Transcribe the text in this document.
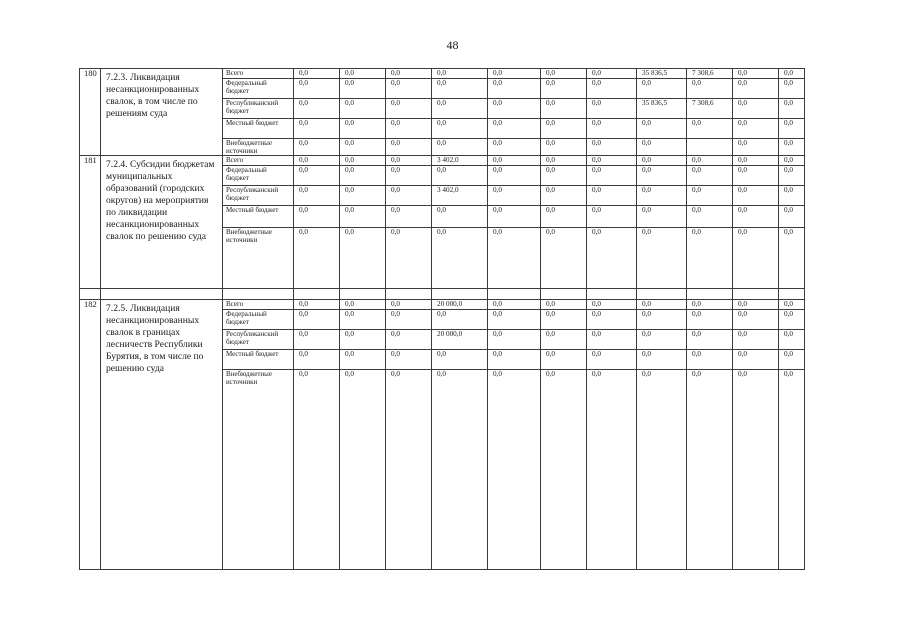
48
180	7.2.3. Ликвидация несанкционированных свалок, в том числе по решениям суда	Всего	0,0	0,0	0,0	0,0	0,0	0,0	0,0	35 836,5	7 308,6	0,0	0,0
		Федеральный бюджет	0,0	0,0	0,0	0,0	0,0	0,0	0,0	0,0	0,0	0,0	0,0
		Республиканский бюджет	0,0	0,0	0,0	0,0	0,0	0,0	0,0	35 836,5	7 308,6	0,0	0,0
		Местный бюджет	0,0	0,0	0,0	0,0	0,0	0,0	0,0	0,0	0,0	0,0	0,0
		Внебюджетные источники	0,0	0,0	0,0	0,0	0,0	0,0	0,0	0,0		0,0	0,0
181	7.2.4. Субсидии бюджетам муниципальных образований (городских округов) на мероприятия по ликвидации несанкционированных свалок по решению суда	Всего	0,0	0,0	0,0	3 402,0	0,0	0,0	0,0	0,0	0,0	0,0	0,0
		Федеральный бюджет	0,0	0,0	0,0	0,0	0,0	0,0	0,0	0,0	0,0	0,0	0,0
		Республиканский бюджет	0,0	0,0	0,0	3 402,0	0,0	0,0	0,0	0,0	0,0	0,0	0,0
		Местный бюджет	0,0	0,0	0,0	0,0	0,0	0,0	0,0	0,0	0,0	0,0	0,0
		Внебюджетные источники	0,0	0,0	0,0	0,0	0,0	0,0	0,0	0,0	0,0	0,0	0,0

182	7.2.5. Ликвидация несанкционированных свалок в границах лесничеств Республики Бурятия, в том числе по решению суда	Всего	0,0	0,0	0,0	20 000,0	0,0	0,0	0,0	0,0	0,0	0,0	0,0
		Федеральный бюджет	0,0	0,0	0,0	0,0	0,0	0,0	0,0	0,0	0,0	0,0	0,0
		Республиканский бюджет	0,0	0,0	0,0	20 000,0	0,0	0,0	0,0	0,0	0,0	0,0	0,0
		Местный бюджет	0,0	0,0	0,0	0,0	0,0	0,0	0,0	0,0	0,0	0,0	0,0
		Внебюджетные источники	0,0	0,0	0,0	0,0	0,0	0,0	0,0	0,0	0,0	0,0	0,0
